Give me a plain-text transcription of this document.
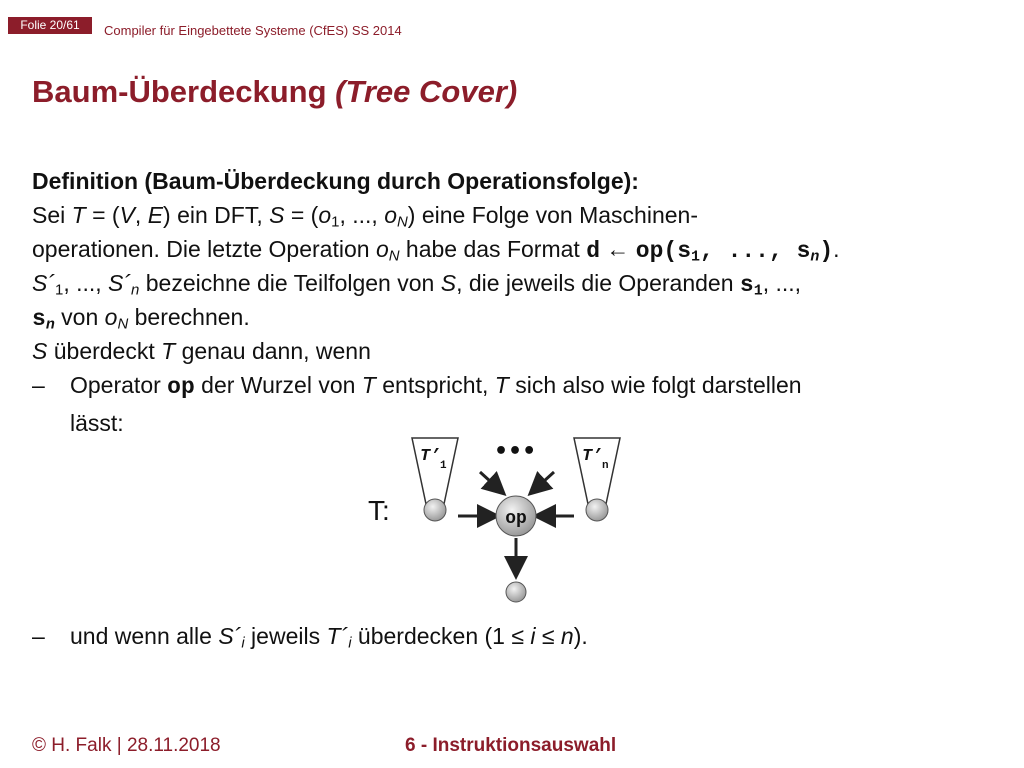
Folie 20/61	Compiler für Eingebettete Systeme (CfES) SS 2014
Baum-Überdeckung (Tree Cover)
Definition (Baum-Überdeckung durch Operationsfolge):
Sei T = (V, E) ein DFT, $S = (o_1$, ..., $o_N$) eine Folge von Maschinen-
operationen. Die letzte Operation $o_N$ habe das Format d ← $op(s_1$, ..., $s_n$).
$S´_1$, ..., $S´_n$ bezeichne die Teilfolgen von S, die jeweils die Operanden $s_1$, ...,
$s_n$ von $o_N$ berechnen.
S überdeckt T genau dann, wenn
– Operator op der Wurzel von T entspricht, T sich also wie folgt darstellen
lässt:
T:
T’ 1	T’ n
•••
op
– und wenn alle $S´_i$ jeweils $T´_i$ überdecken (1 ≤ i ≤ n).
© H. Falk | 28.11.2018	6 - Instruktionsauswahl
